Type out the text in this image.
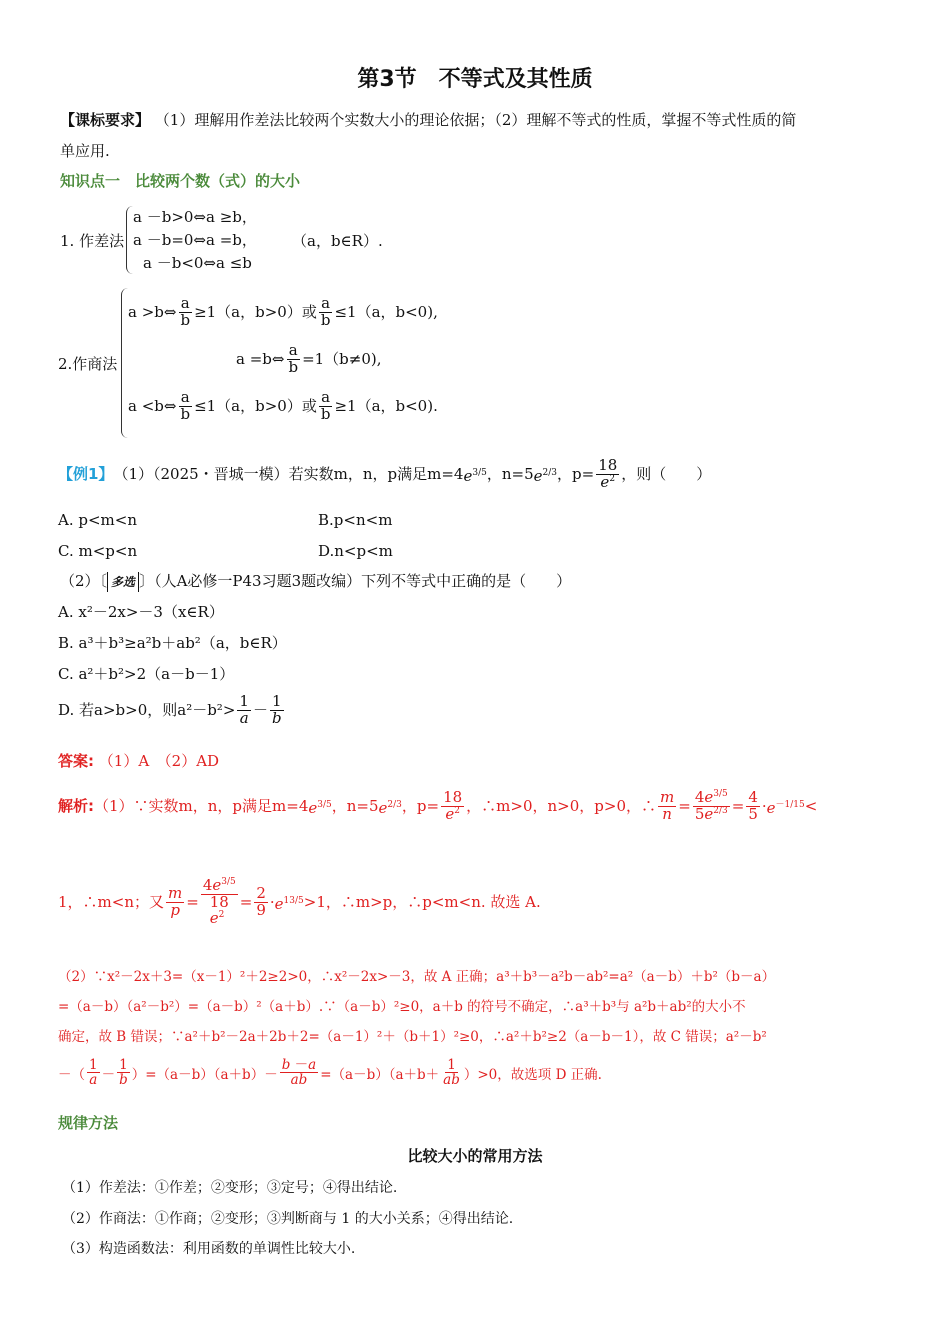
第3节　不等式及其性质
【课标要求】 （1）理解用作差法比较两个实数大小的理论依据；（2）理解不等式的性质，掌握不等式性质的简
单应用.
知识点一　比较两个数（式）的大小
1. 作差法
a －b>0⇔a ≥b，
a －b=0⇔a =b，
a －b<0⇔a ≤b
（a，b∈R）.
2.作商法
a >b⇔ $\frac{a}{b} \ge 1(a$，b>0）或 $\frac{a}{b} \le 1(a$，b<0),
a =b⇔ $\frac{a}{b} =1(b\ne 0)$,
a <b⇔ $\frac{a}{b} \le 1(a$，b>0）或 $\frac{a}{b} \ge 1(a$，b<0).
【例1】 （1）（2025・晋城一模）若实数m，n，p满足m=4 $e^{3/5}$ ，n=5 $e^{2/3}$ ，$p= \frac{18}{e^2}$ ，则（　　）
A. p<m<n	B.p<n<m
C. m<p<n	D.n<p<m
（2）〔 多选 〕（人A必修一P43习题3题改编）下列不等式中正确的是（　　）
A. x²－2x>－3（x∈R）
B. a³＋b³≥a²b＋ab²（a，b∈R）
C. a²＋b²>2（a－b－1）
D. 若a>b>0，则$a^2-b^2> \frac{1}{a} - \frac{1}{b}$
答案: （1）A　（2）AD
解析: （1）∵实数m，n，p满足m=4 $e^{3/5}$ ，n=5 $e^{2/3}$ ，$p= \frac{18}{e^2}$ ，∴m>0，n>0，p>0，∴ $\frac{m}{n} = \frac{4e^{3/5}}{5e^{2/3}} = \frac{4}{5} \cdot e^{-1/15}$ <
1，∴m<n；又 $\frac{m}{p}$ =
$4e^{3/5}$
18
$e^2$
= $\frac{2}{9} \cdot e^{13/5} >1$，∴m>p，∴p<m<n. 故选 A.
（2）∵x²－2x＋3=（x－1）²＋2≥2>0，∴x²－2x>－3，故 A 正确；a³＋b³－a²b－ab²=a²（a－b）＋b²（b－a）
=（a－b）（a²－b²）=（a－b）²（a＋b）.∵（a－b）²≥0，a＋b 的符号不确定，∴a³＋b³与 a²b＋ab²的大小不
确定，故 B 错误；∵a²＋b²－2a＋2b＋2=（a－1）²＋（b＋1）²≥0，∴a²＋b²≥2（a－b－1），故 C 错误；a²－b²
－（ $\frac{1}{a} - \frac{1}{b} )=(a-b)(a+b)- \frac{b -a}{ab} =(a-b)(a+b+ \frac{1}{ab} )>0$，故选项 D 正确.
规律方法
比较大小的常用方法
（1）作差法：①作差；②变形；③定号；④得出结论.
（2）作商法：①作商；②变形；③判断商与 1 的大小关系；④得出结论.
（3）构造函数法：利用函数的单调性比较大小.
